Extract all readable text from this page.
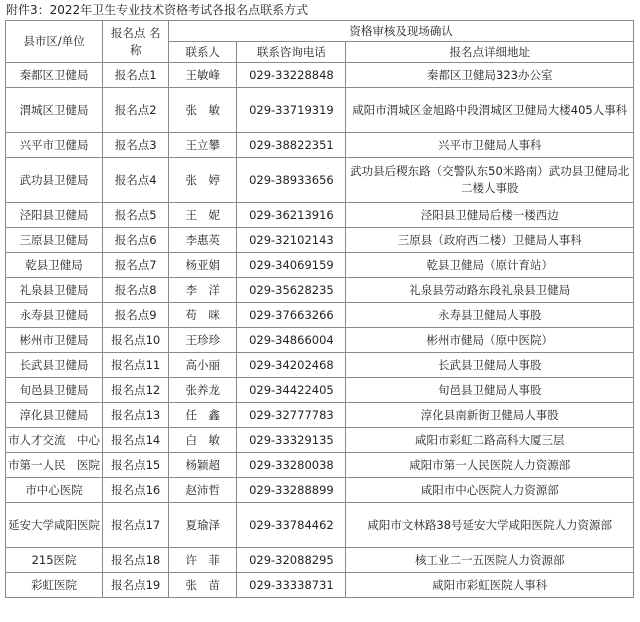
附件3：2022年卫生专业技术资格考试各报名点联系方式
县市区/单位	报名点 名称	资格审核及现场确认		
		联系人	联系咨询电话	报名点详细地址
秦都区卫健局	报名点1	王敏峰	029-33228848	秦都区卫健局323办公室
渭城区卫健局	报名点2	张　敏	029-33719319	咸阳市渭城区金旭路中段渭城区卫健局大楼405人事科
兴平市卫健局	报名点3	王立攀	029-38822351	兴平市卫健局人事科
武功县卫健局	报名点4	张　婷	029-38933656	武功县后稷东路（交警队东50米路南）武功县卫健局北二楼人事股
泾阳县卫健局	报名点5	王　妮	029-36213916	泾阳县卫健局后楼一楼西边
三原县卫健局	报名点6	李惠英	029-32102143	三原县（政府西二楼）卫健局人事科
乾县卫健局	报名点7	杨亚娟	029-34069159	乾县卫健局（原计育站）
礼泉县卫健局	报名点8	李　洋	029-35628235	礼泉县劳动路东段礼泉县卫健局
永寿县卫健局	报名点9	苟　咪	029-37663266	永寿县卫健局人事股
彬州市卫健局	报名点10	王珍珍	029-34866004	彬州市健局（原中医院）
长武县卫健局	报名点11	高小丽	029-34202468	长武县卫健局人事股
旬邑县卫健局	报名点12	张养龙	029-34422405	旬邑县卫健局人事股
淳化县卫健局	报名点13	任　鑫	029-32777783	淳化县南新街卫健局人事股
市人才交流　中心	报名点14	白　敏	029-33329135	咸阳市彩虹二路高科大厦三层
市第一人民　医院	报名点15	杨颖超	029-33280038	咸阳市第一人民医院人力资源部
市中心医院	报名点16	赵沛哲	029-33288899	咸阳市中心医院人力资源部
延安大学咸阳医院	报名点17	夏瑜泽	029-33784462	咸阳市文林路38号延安大学咸阳医院人力资源部
215医院	报名点18	许　菲	029-32088295	核工业二一五医院人力资源部
彩虹医院	报名点19	张　苗	029-33338731	咸阳市彩虹医院人事科
